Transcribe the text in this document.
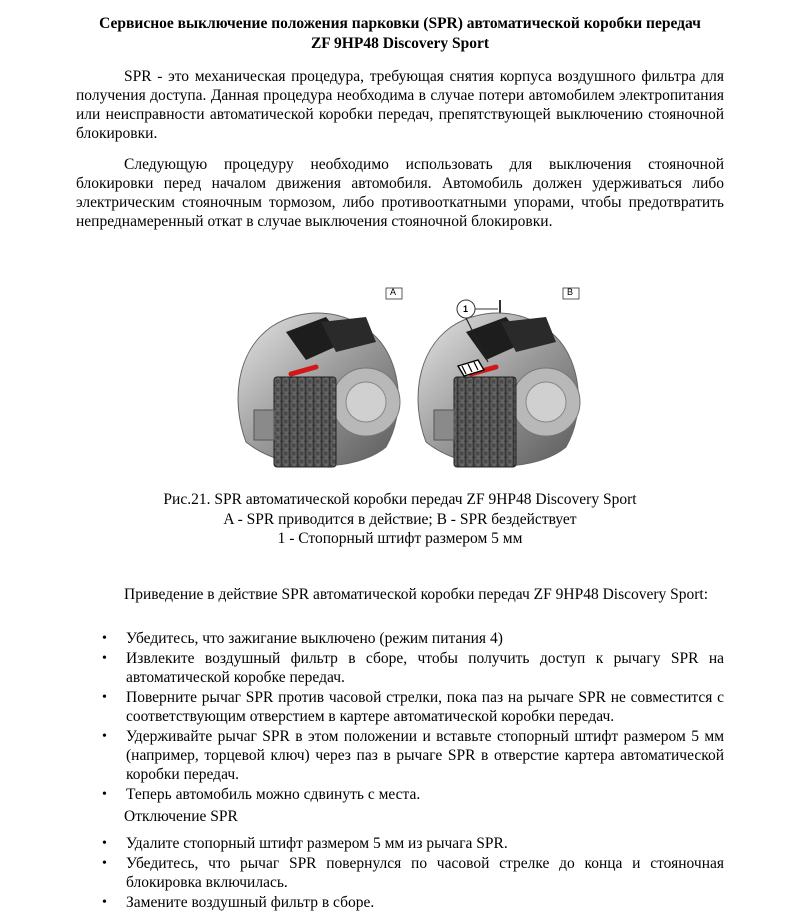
Сервисное выключение положения парковки (SPR) автоматической коробки передач
ZF 9HP48 Discovery Sport

SPR - это механическая процедура, требующая снятия корпуса воздушного фильтра для получения доступа. Данная процедура необходима в случае потери автомобилем электропитания или неисправности автоматической коробки передач, препятствующей выключению стояночной блокировки.

Следующую процедуру необходимо использовать для выключения стояночной блокировки перед началом движения автомобиля. Автомобиль должен удерживаться либо электрическим стояночным тормозом, либо противооткатными упорами, чтобы предотвратить непреднамеренный откат в случае выключения стояночной блокировки.

A	B
1
Рис.21. SPR автоматической коробки передач ZF 9HP48 Discovery Sport
A - SPR приводится в действие; B - SPR бездействует
1 - Стопорный штифт размером 5 мм

Приведение в действие SPR автоматической коробки передач ZF 9HP48 Discovery Sport:

• Убедитесь, что зажигание выключено (режим питания 4)
• Извлеките воздушный фильтр в сборе, чтобы получить доступ к рычагу SPR на автоматической коробке передач.
• Поверните рычаг SPR против часовой стрелки, пока паз на рычаге SPR не совместится с соответствующим отверстием в картере автоматической коробки передач.
• Удерживайте рычаг SPR в этом положении и вставьте стопорный штифт размером 5 мм (например, торцевой ключ) через паз в рычаге SPR в отверстие картера автоматической коробки передач.
• Теперь автомобиль можно сдвинуть с места.
Отключение SPR
• Удалите стопорный штифт размером 5 мм из рычага SPR.
• Убедитесь, что рычаг SPR повернулся по часовой стрелке до конца и стояночная блокировка включилась.
• Замените воздушный фильтр в сборе.
